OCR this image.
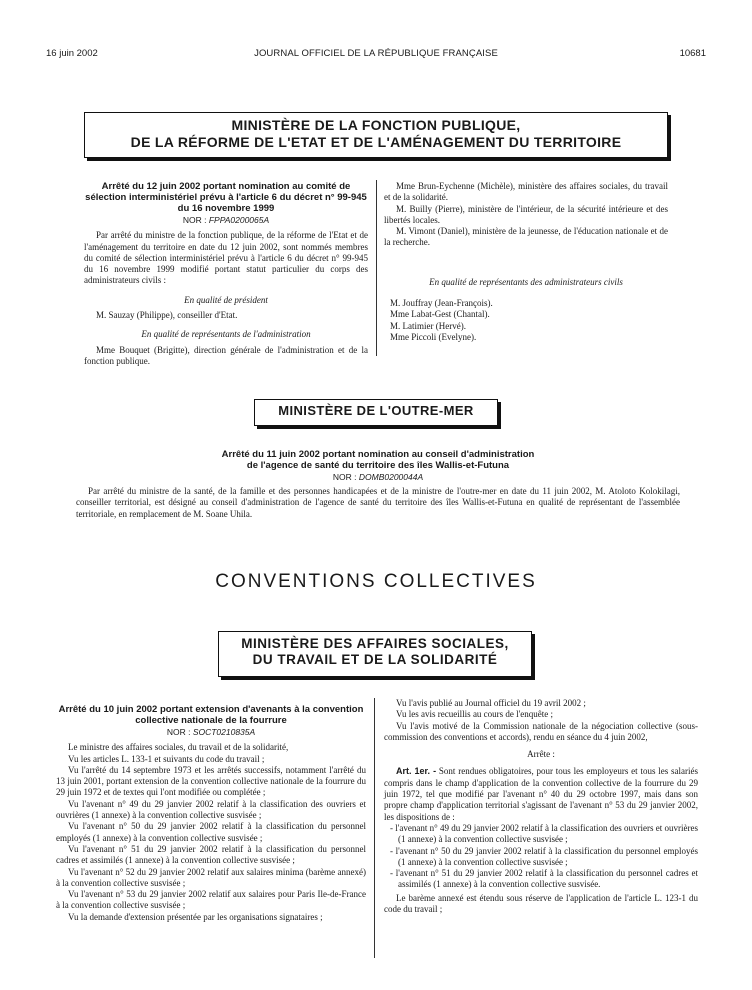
16 juin 2002	JOURNAL OFFICIEL DE LA RÉPUBLIQUE FRANÇAISE	10681
MINISTÈRE DE LA FONCTION PUBLIQUE,
DE LA RÉFORME DE L'ETAT ET DE L'AMÉNAGEMENT DU TERRITOIRE
Arrêté du 12 juin 2002 portant nomination au comité de sélection interministériel prévu à l'article 6 du décret n° 99-945 du 16 novembre 1999
NOR : FPPA0200065A

Par arrêté du ministre de la fonction publique, de la réforme de l'Etat et de l'aménagement du territoire en date du 12 juin 2002, sont nommés membres du comité de sélection interministériel prévu à l'article 6 du décret n° 99-945 du 16 novembre 1999 modifié portant statut particulier du corps des administrateurs civils :

En qualité de président

M. Sauzay (Philippe), conseiller d'Etat.

En qualité de représentants de l'administration

Mme Bouquet (Brigitte), direction générale de l'administration et de la fonction publique.

Mme Brun-Eychenne (Michèle), ministère des affaires sociales, du travail et de la solidarité.

M. Builly (Pierre), ministère de l'intérieur, de la sécurité intérieure et des libertés locales.

M. Vimont (Daniel), ministère de la jeunesse, de l'éducation nationale et de la recherche.

En qualité de représentants des administrateurs civils

M. Jouffray (Jean-François).

Mme Labat-Gest (Chantal).

M. Latimier (Hervé).

Mme Piccoli (Evelyne).

MINISTÈRE DE L'OUTRE-MER
Arrêté du 11 juin 2002 portant nomination au conseil d'administration
de l'agence de santé du territoire des îles Wallis-et-Futuna
NOR : DOMB0200044A

Par arrêté du ministre de la santé, de la famille et des personnes handicapées et de la ministre de l'outre-mer en date du 11 juin 2002, M. Atoloto Kolokilagi, conseiller territorial, est désigné au conseil d'administration de l'agence de santé du territoire des îles Wallis-et-Futuna en qualité de représentant de l'assemblée territoriale, en remplacement de M. Soane Uhila.

CONVENTIONS COLLECTIVES
MINISTÈRE DES AFFAIRES SOCIALES,
DU TRAVAIL ET DE LA SOLIDARITÉ
Arrêté du 10 juin 2002 portant extension d'avenants à la convention collective nationale de la fourrure
NOR : SOCT0210835A

Le ministre des affaires sociales, du travail et de la solidarité,

Vu les articles L. 133-1 et suivants du code du travail ;

Vu l'arrêté du 14 septembre 1973 et les arrêtés successifs, notamment l'arrêté du 13 juin 2001, portant extension de la convention collective nationale de la fourrure du 29 juin 1972 et de textes qui l'ont modifiée ou complétée ;

Vu l'avenant n° 49 du 29 janvier 2002 relatif à la classification des ouvriers et ouvrières (1 annexe) à la convention collective susvisée ;

Vu l'avenant n° 50 du 29 janvier 2002 relatif à la classification du personnel employés (1 annexe) à la convention collective susvisée ;

Vu l'avenant n° 51 du 29 janvier 2002 relatif à la classification du personnel cadres et assimilés (1 annexe) à la convention collective susvisée ;

Vu l'avenant n° 52 du 29 janvier 2002 relatif aux salaires minima (barème annexé) à la convention collective susvisée ;

Vu l'avenant n° 53 du 29 janvier 2002 relatif aux salaires pour Paris Ile-de-France à la convention collective susvisée ;

Vu la demande d'extension présentée par les organisations signataires ;

Vu l'avis publié au Journal officiel du 19 avril 2002 ;

Vu les avis recueillis au cours de l'enquête ;

Vu l'avis motivé de la Commission nationale de la négociation collective (sous-commission des conventions et accords), rendu en séance du 4 juin 2002,

Arrête :

Art. 1er. - Sont rendues obligatoires, pour tous les employeurs et tous les salariés compris dans le champ d'application de la convention collective de la fourrure du 29 juin 1972, tel que modifié par l'avenant n° 40 du 29 octobre 1997, mais dans son propre champ d'application territorial s'agissant de l'avenant n° 53 du 29 janvier 2002, les dispositions de :

- l'avenant n° 49 du 29 janvier 2002 relatif à la classification des ouvriers et ouvrières (1 annexe) à la convention collective susvisée ;

- l'avenant n° 50 du 29 janvier 2002 relatif à la classification du personnel employés (1 annexe) à la convention collective susvisée ;

- l'avenant n° 51 du 29 janvier 2002 relatif à la classification du personnel cadres et assimilés (1 annexe) à la convention collective susvisée.

Le barème annexé est étendu sous réserve de l'application de l'article L. 123-1 du code du travail ;
